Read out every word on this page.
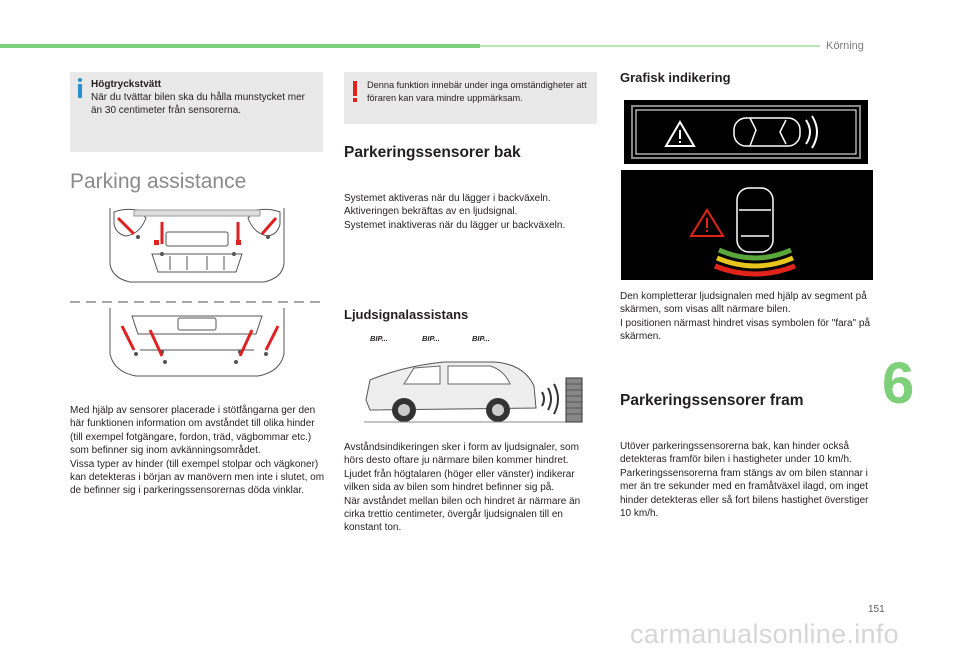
Körning
Högtryckstvätt
När du tvättar bilen ska du hålla munstycket mer än 30 centimeter från sensorerna.
Denna funktion innebär under inga omständigheter att föraren kan vara mindre uppmärksam.
Parking assistance
Med hjälp av sensorer placerade i stötfångarna ger den här funktionen information om avståndet till olika hinder (till exempel fotgängare, fordon, träd, vägbommar etc.) som befinner sig inom avkänningsområdet.
Vissa typer av hinder (till exempel stolpar och vägkoner) kan detekteras i början av manövern men inte i slutet, om de befinner sig i parkeringssensorernas döda vinklar.
Parkeringssensorer bak
Systemet aktiveras när du lägger i backväxeln. Aktiveringen bekräftas av en ljudsignal.
Systemet inaktiveras när du lägger ur backväxeln.
Ljudsignalassistans
BIP...	BIP...	BIP...
Avståndsindikeringen sker i form av ljudsignaler, som hörs desto oftare ju närmare bilen kommer hindret.
Ljudet från högtalaren (höger eller vänster) indikerar vilken sida av bilen som hindret befinner sig på.
När avståndet mellan bilen och hindret är närmare än cirka trettio centimeter, övergår ljudsignalen till en konstant ton.
Grafisk indikering
Den kompletterar ljudsignalen med hjälp av segment på skärmen, som visas allt närmare bilen.
I positionen närmast hindret visas symbolen för "fara" på skärmen.
Parkeringssensorer fram
Utöver parkeringssensorerna bak, kan hinder också detekteras framför bilen i hastigheter under 10 km/h.
Parkeringssensorerna fram stängs av om bilen stannar i mer än tre sekunder med en framåtväxel ilagd, om inget hinder detekteras eller så fort bilens hastighet överstiger 10 km/h.
6
151
carmanualsonline.info
